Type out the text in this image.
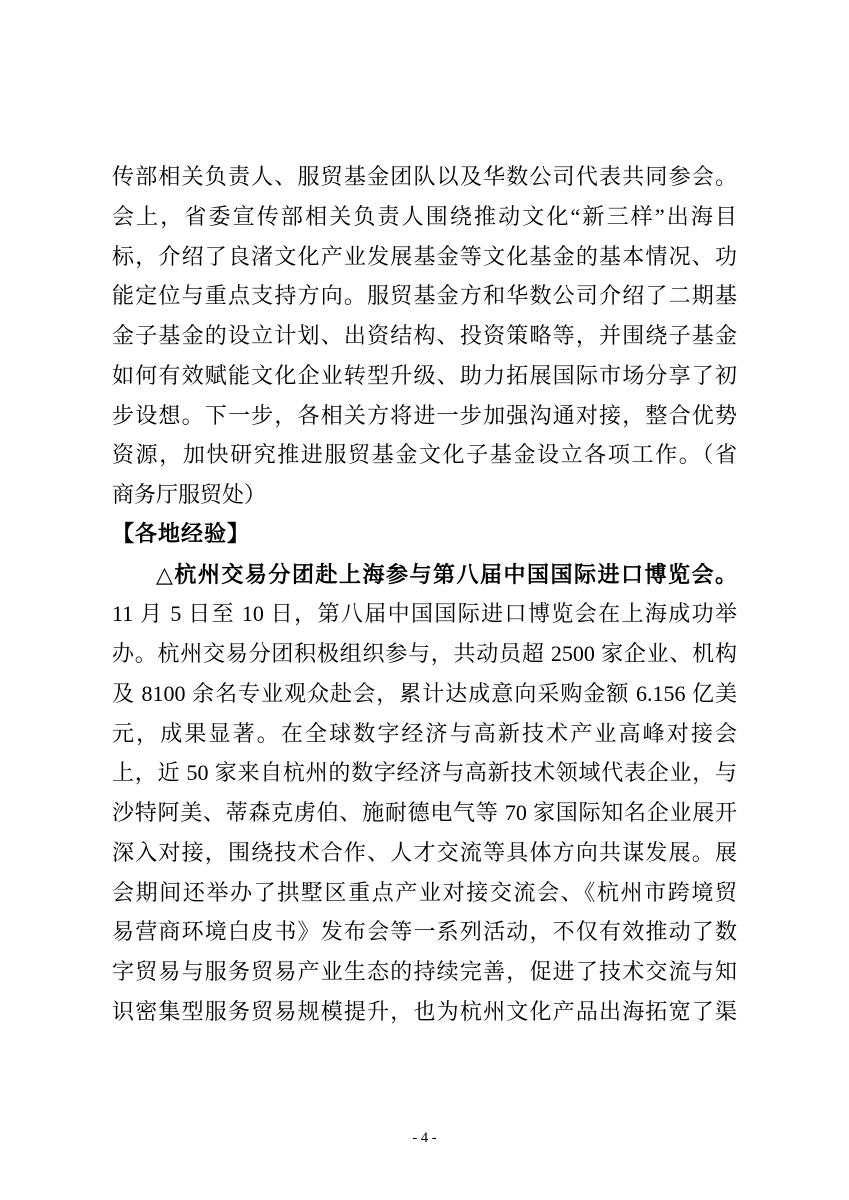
传部相关负责人、服贸基金团队以及华数公司代表共同参会。
会上，省委宣传部相关负责人围绕推动文化“新三样”出海目
标，介绍了良渚文化产业发展基金等文化基金的基本情况、功
能定位与重点支持方向。服贸基金方和华数公司介绍了二期基
金子基金的设立计划、出资结构、投资策略等，并围绕子基金
如何有效赋能文化企业转型升级、助力拓展国际市场分享了初
步设想。下一步，各相关方将进一步加强沟通对接，整合优势
资源，加快研究推进服贸基金文化子基金设立各项工作。（省
商务厅服贸处）
【各地经验】
△杭州交易分团赴上海参与第八届中国国际进口博览会。
11 月 5 日至 10 日，第八届中国国际进口博览会在上海成功举
办。杭州交易分团积极组织参与，共动员超 2500 家企业、机构
及 8100 余名专业观众赴会，累计达成意向采购金额 6.156 亿美
元，成果显著。在全球数字经济与高新技术产业高峰对接会
上，近 50 家来自杭州的数字经济与高新技术领域代表企业，与
沙特阿美、蒂森克虏伯、施耐德电气等 70 家国际知名企业展开
深入对接，围绕技术合作、人才交流等具体方向共谋发展。展
会期间还举办了拱墅区重点产业对接交流会、《杭州市跨境贸
易营商环境白皮书》发布会等一系列活动，不仅有效推动了数
字贸易与服务贸易产业生态的持续完善，促进了技术交流与知
识密集型服务贸易规模提升，也为杭州文化产品出海拓宽了渠
- 4 -
